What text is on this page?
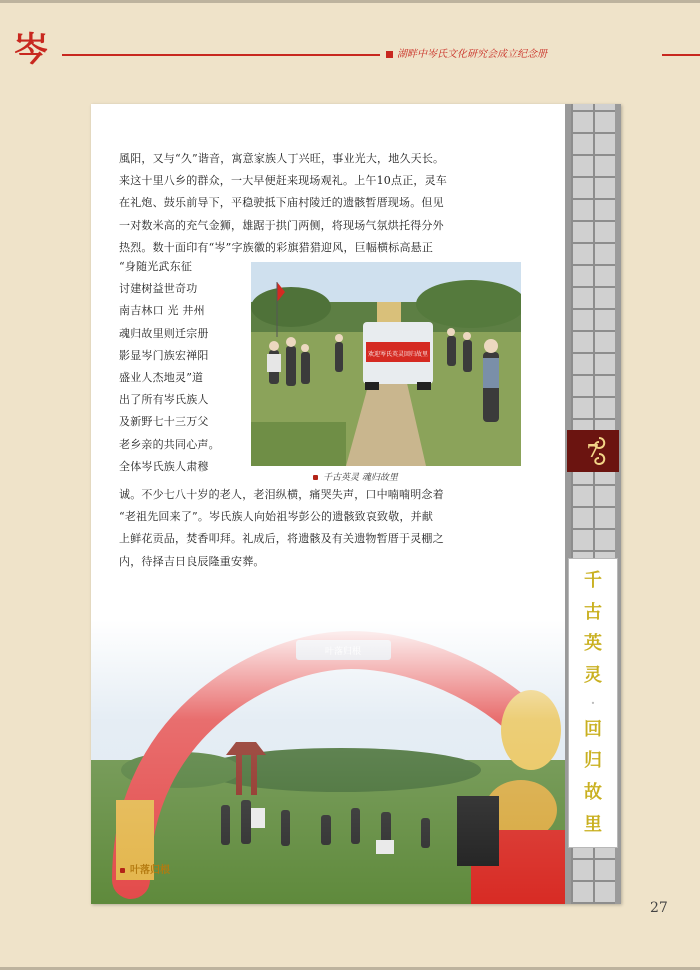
岑	湖畔中岑氏文化研究会成立纪念册
風阳，又与“久”谐音，寓意家族人丁兴旺，事业光大，地久天长。
来这十里八乡的群众，一大早便赶来现场观礼。上午10点正，灵车
在礼炮、鼓乐前导下，平稳驶抵下庙村陵迁的遗骸暂厝现场。但见
一对数米高的充气金狮，雄踞于拱门两侧，将现场气氛烘托得分外
热烈。数十面印有“岑”字族徽的彩旗猎猎迎风，巨幅横标高悬正
“身随光武东征
讨建树益世奇功
南吉林口 光 井州
魂归故里则迁宗册
影显岑门族宏禅阳
盛业人杰地灵”道
出了所有岑氏族人
及新野七十三万父
老乡亲的共同心声。
全体岑氏族人肃穆
欢迎岑氏英灵回归故里
千古英灵 魂归故里
诚。不少七八十岁的老人，老泪纵横，痛哭失声，口中喃喃明念着
“老祖先回来了”。岑氏族人向始祖岑彭公的遗骸致哀致敬，并献
上鲜花贡品，焚香叩拜。礼成后，将遗骸及有关遗物暂厝于灵棚之
内，待择吉日良辰隆重安葬。
叶落归根
7
千
古
英
灵
·
回
归
故
里
27
